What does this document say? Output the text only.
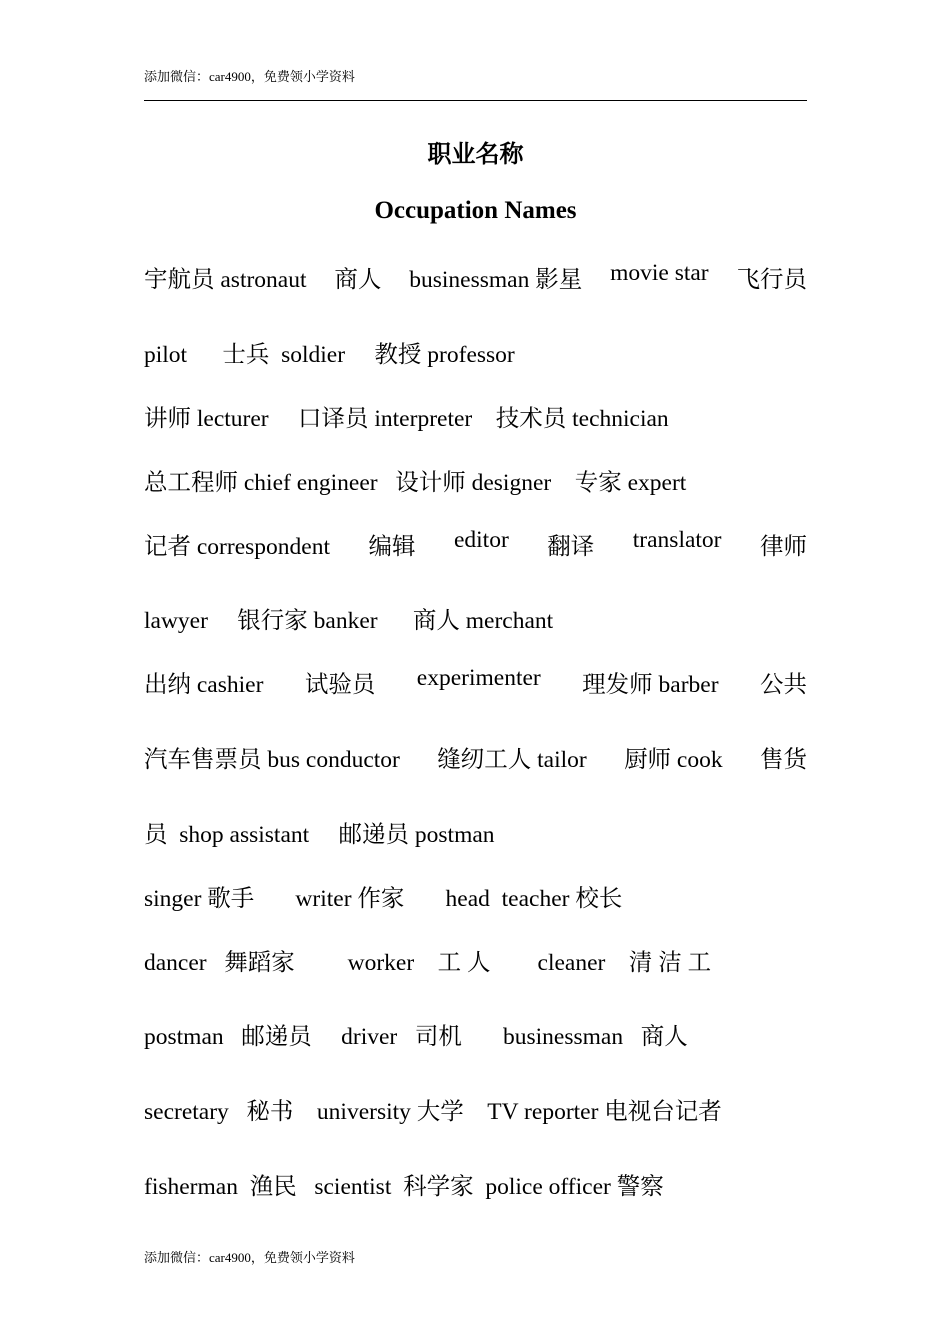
添加微信：car4900，免费领小学资料
职业名称
Occupation Names
宇航员 astronaut 商人 businessman 影星 movie star 飞行员
pilot      士兵  soldier     教授 professor
讲师 lecturer     口译员 interpreter    技术员 technician
总工程师 chief engineer   设计师 designer    专家 expert
记者 correspondent 编辑 editor 翻译 translator 律师
lawyer     银行家 banker      商人 merchant
出纳 cashier 试验员 experimenter 理发师 barber 公共
汽车售票员 bus conductor 缝纫工人 tailor 厨师 cook 售货
员  shop assistant     邮递员 postman
singer 歌手       writer 作家       head  teacher 校长
dancer   舞蹈家         worker    工 人        cleaner    清 洁 工
postman   邮递员     driver   司机       businessman   商人
secretary   秘书    university 大学    TV reporter 电视台记者
fisherman  渔民   scientist  科学家  police officer 警察
添加微信：car4900，免费领小学资料
